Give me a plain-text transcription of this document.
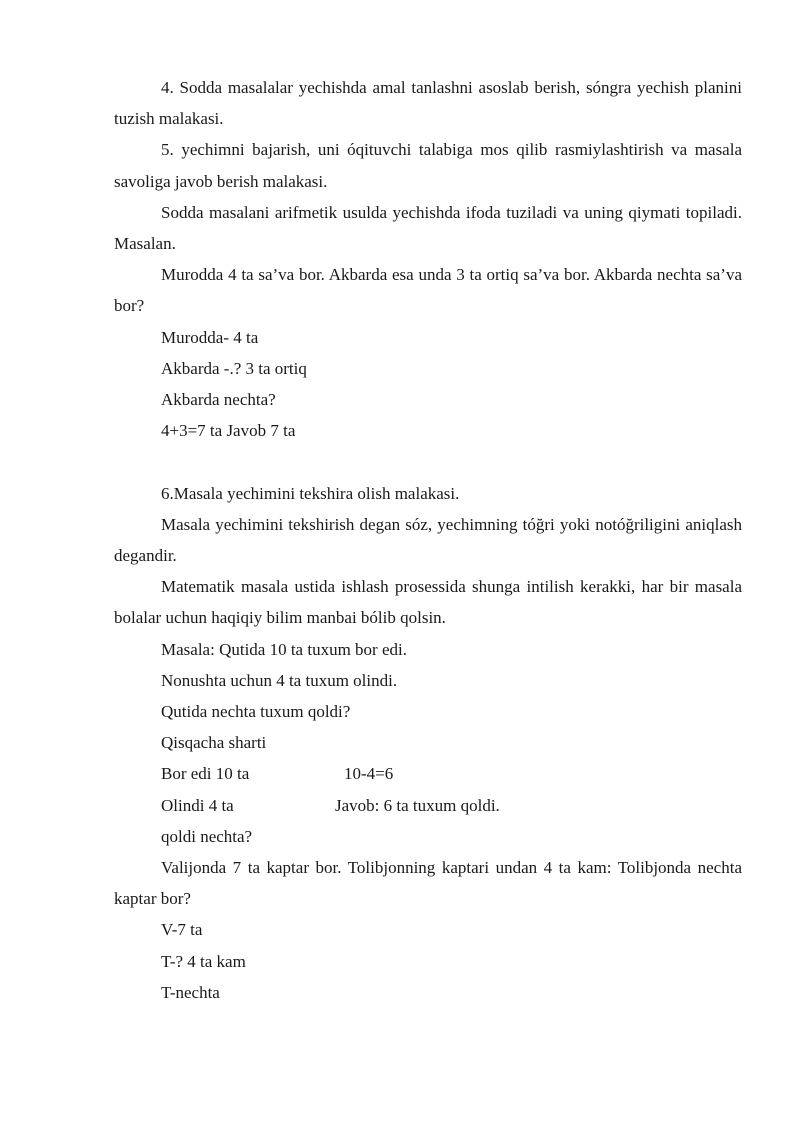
4. Sodda masalalar yechishda amal tanlashni asoslab berish, sóngra yechish planini tuzish malakasi.

5. yechimni bajarish, uni óqituvchi talabiga mos qilib rasmiylashtirish va masala savoliga javob berish malakasi.

Sodda masalani arifmetik usulda yechishda ifoda tuziladi va uning qiymati topiladi. Masalan.

Murodda 4 ta sa’va bor. Akbarda esa unda 3 ta ortiq sa’va bor. Akbarda nechta sa’va bor?

Murodda- 4 ta

Akbarda -.? 3 ta ortiq

Akbarda nechta?

4+3=7 ta Javob 7 ta

6.Masala yechimini tekshira olish malakasi.

Masala yechimini tekshirish degan sóz, yechimning tóğri yoki notóğriligini aniqlash degandir.

Matematik masala ustida ishlash prosessida shunga intilish kerakki, har bir masala bolalar uchun haqiqiy bilim manbai bólib qolsin.

Masala: Qutida 10 ta tuxum bor edi.

Nonushta uchun 4 ta tuxum olindi.

Qutida nechta tuxum qoldi?

Qisqacha sharti

Bor edi 10 ta	10-4=6
Olindi 4 ta	Javob: 6 ta tuxum qoldi.

qoldi nechta?

Valijonda 7 ta kaptar bor. Tolibjonning kaptari undan 4 ta kam: Tolibjonda nechta kaptar bor?

V-7 ta

T-? 4 ta kam

T-nechta
